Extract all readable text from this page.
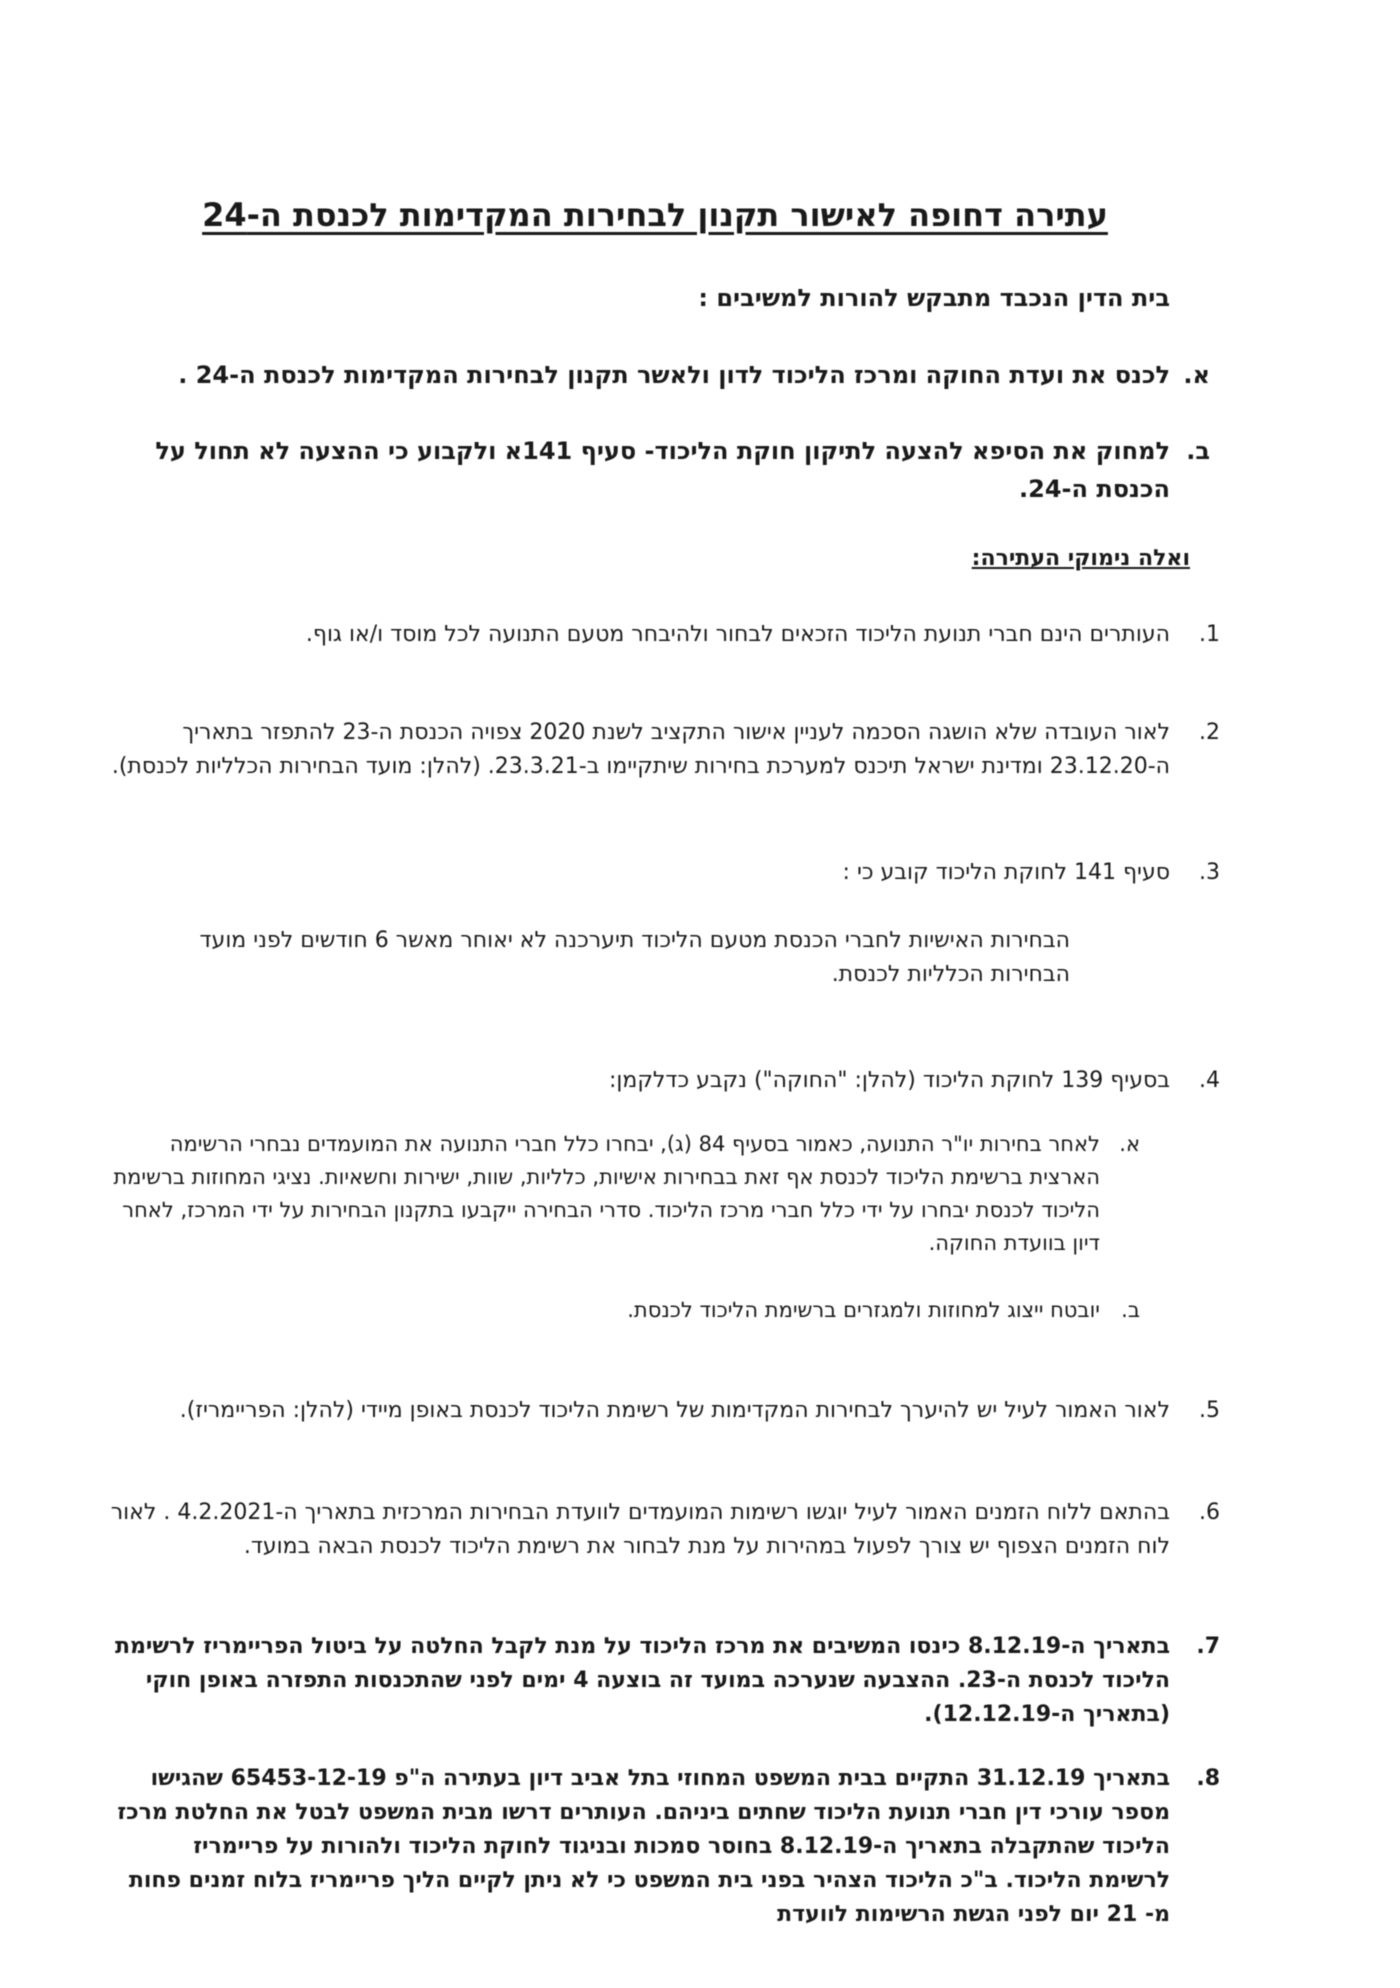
עתירה דחופה לאישור תקנון לבחירות המקדימות לכנסת ה-24
בית הדין הנכבד מתבקש להורות למשיבים :
א.
לכנס את ועדת החוקה ומרכז הליכוד לדון ולאשר תקנון לבחירות המקדימות לכנסת ה-24 .
ב.
למחוק את הסיפא להצעה לתיקון חוקת הליכוד- סעיף 141א ולקבוע כי ההצעה לא תחול על הכנסת ה-24.
ואלה נימוקי העתירה:
1.
העותרים הינם חברי תנועת הליכוד הזכאים לבחור ולהיבחר מטעם התנועה לכל מוסד ו/או גוף.
2.
לאור העובדה שלא הושגה הסכמה לעניין אישור התקציב לשנת 2020 צפויה הכנסת ה-23 להתפזר בתאריך ה-23.12.20 ומדינת ישראל תיכנס למערכת בחירות שיתקיימו ב-23.3.21. (להלן: מועד הבחירות הכלליות לכנסת).
3.
סעיף 141 לחוקת הליכוד קובע כי :
הבחירות האישיות לחברי הכנסת מטעם הליכוד תיערכנה לא יאוחר מאשר 6 חודשים לפני מועד הבחירות הכלליות לכנסת.
4.
בסעיף 139 לחוקת הליכוד (להלן: "החוקה") נקבע כדלקמן:
א.
לאחר בחירות יו"ר התנועה, כאמור בסעיף 84 (ג), יבחרו כלל חברי התנועה את המועמדים נבחרי הרשימה הארצית ברשימת הליכוד לכנסת אף זאת בבחירות אישיות, כלליות, שוות, ישירות וחשאיות. נציגי המחוזות ברשימת הליכוד לכנסת יבחרו על ידי כלל חברי מרכז הליכוד. סדרי הבחירה ייקבעו בתקנון הבחירות על ידי המרכז, לאחר דיון בוועדת החוקה.
ב.
יובטח ייצוג למחוזות ולמגזרים ברשימת הליכוד לכנסת.
5.
לאור האמור לעיל יש להיערך לבחירות המקדימות של רשימת הליכוד לכנסת באופן מיידי (להלן: הפריימריז).
6.
בהתאם ללוח הזמנים האמור לעיל יוגשו רשימות המועמדים לוועדת הבחירות המרכזית בתאריך ה-4.2.2021 . לאור לוח הזמנים הצפוף יש צורך לפעול במהירות על מנת לבחור את רשימת הליכוד לכנסת הבאה במועד.
7.
בתאריך ה-8.12.19 כינסו המשיבים את מרכז הליכוד על מנת לקבל החלטה על ביטול הפריימריז לרשימת הליכוד לכנסת ה-23. ההצבעה שנערכה במועד זה בוצעה 4 ימים לפני שהתכנסות התפזרה באופן חוקי (בתאריך ה-12.12.19).
8.
בתאריך 31.12.19 התקיים בבית המשפט המחוזי בתל אביב דיון בעתירה ה"פ 65453-12-19 שהגישו מספר עורכי דין חברי תנועת הליכוד שחתים ביניהם. העותרים דרשו מבית המשפט לבטל את החלטת מרכז הליכוד שהתקבלה בתאריך ה-8.12.19 בחוסר סמכות ובניגוד לחוקת הליכוד ולהורות על פריימריז לרשימת הליכוד. ב"כ הליכוד הצהיר בפני בית המשפט כי לא ניתן לקיים הליך פריימריז בלוח זמנים פחות מ- 21 יום לפני הגשת הרשימות לוועדת
